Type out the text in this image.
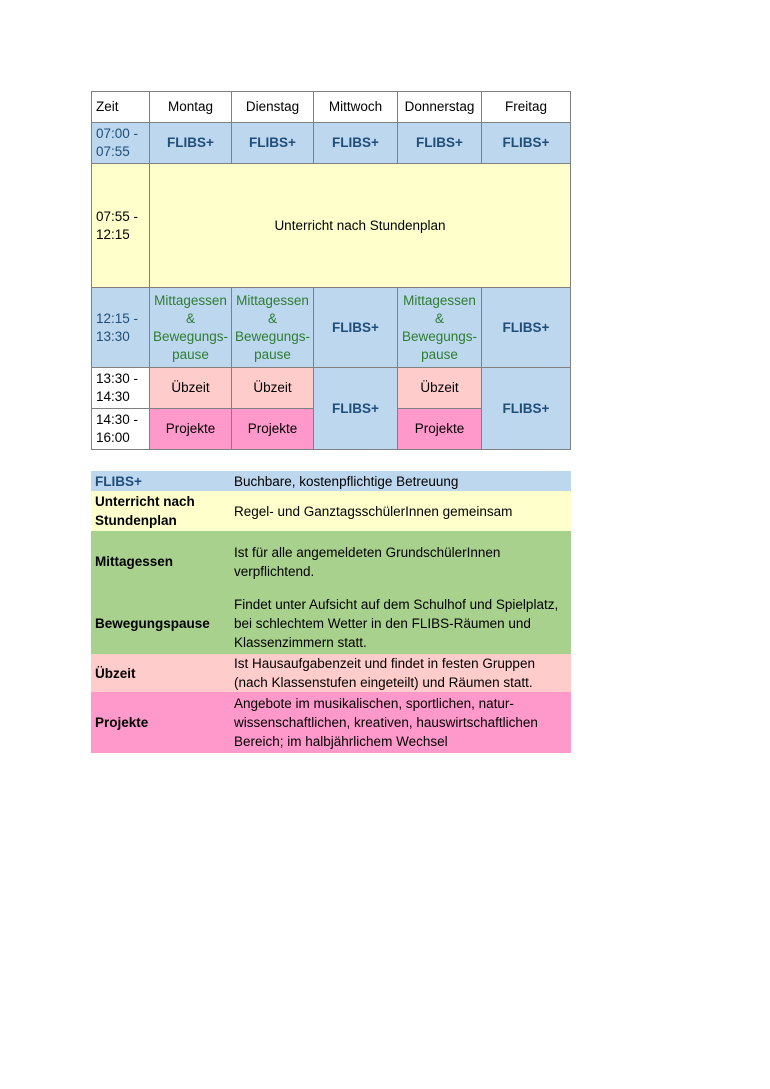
Zeit	Montag	Dienstag	Mittwoch	Donnerstag	Freitag
07:00 - 07:55	FLIBS+	FLIBS+	FLIBS+	FLIBS+	FLIBS+
07:55 - 12:15	Unterricht nach Stundenplan				
12:15 - 13:30	Mittagessen & Bewegungs-pause	Mittagessen & Bewegungs-pause	FLIBS+	Mittagessen & Bewegungs-pause	FLIBS+
13:30 - 14:30	Übzeit	Übzeit	FLIBS+	Übzeit	FLIBS+
14:30 - 16:00	Projekte	Projekte		Projekte	
FLIBS+	Buchbare, kostenpflichtige Betreuung
Unterricht nach Stundenplan	Regel- und GanztagsschülerInnen gemeinsam
Mittagessen	Ist für alle angemeldeten GrundschülerInnen verpflichtend.
Bewegungspause	Findet unter Aufsicht auf dem Schulhof und Spielplatz, bei schlechtem Wetter in den FLIBS-Räumen und Klassenzimmern statt.
Übzeit	Ist Hausaufgabenzeit und findet in festen Gruppen (nach Klassenstufen eingeteilt) und Räumen statt.
Projekte	Angebote im musikalischen, sportlichen, natur-wissenschaftlichen, kreativen, hauswirtschaftlichen Bereich; im halbjährlichem Wechsel
